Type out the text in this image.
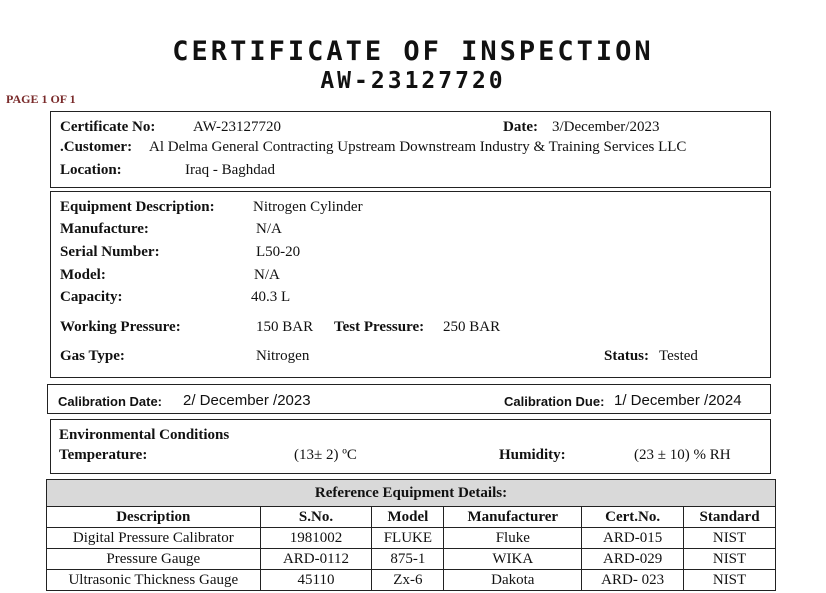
CERTIFICATE OF INSPECTION
AW-23127720
PAGE 1 OF 1
Certificate No:	AW-23127720	Date: 3/December/2023
.Customer: Al Delma General Contracting Upstream Downstream Industry & Training Services LLC
Location:	Iraq - Baghdad
Equipment Description:	Nitrogen Cylinder
Manufacture:	N/A
Serial Number:	L50-20
Model:	N/A
Capacity:	40.3 L
Working Pressure:	150 BAR Test Pressure: 250 BAR
Gas Type:	Nitrogen	Status: Tested
Calibration Date: 2/ December /2023	Calibration Due: 1/ December /2024
Environmental Conditions
Temperature:	(13± 2) ºC	Humidity:	(23 ± 10) % RH
Reference Equipment Details:					
Description	S.No.	Model	Manufacturer	Cert.No.	Standard
Digital Pressure Calibrator	1981002	FLUKE	Fluke	ARD-015	NIST
Pressure Gauge	ARD-0112	875-1	WIKA	ARD-029	NIST
Ultrasonic Thickness Gauge	45110	Zx-6	Dakota	ARD- 023	NIST
